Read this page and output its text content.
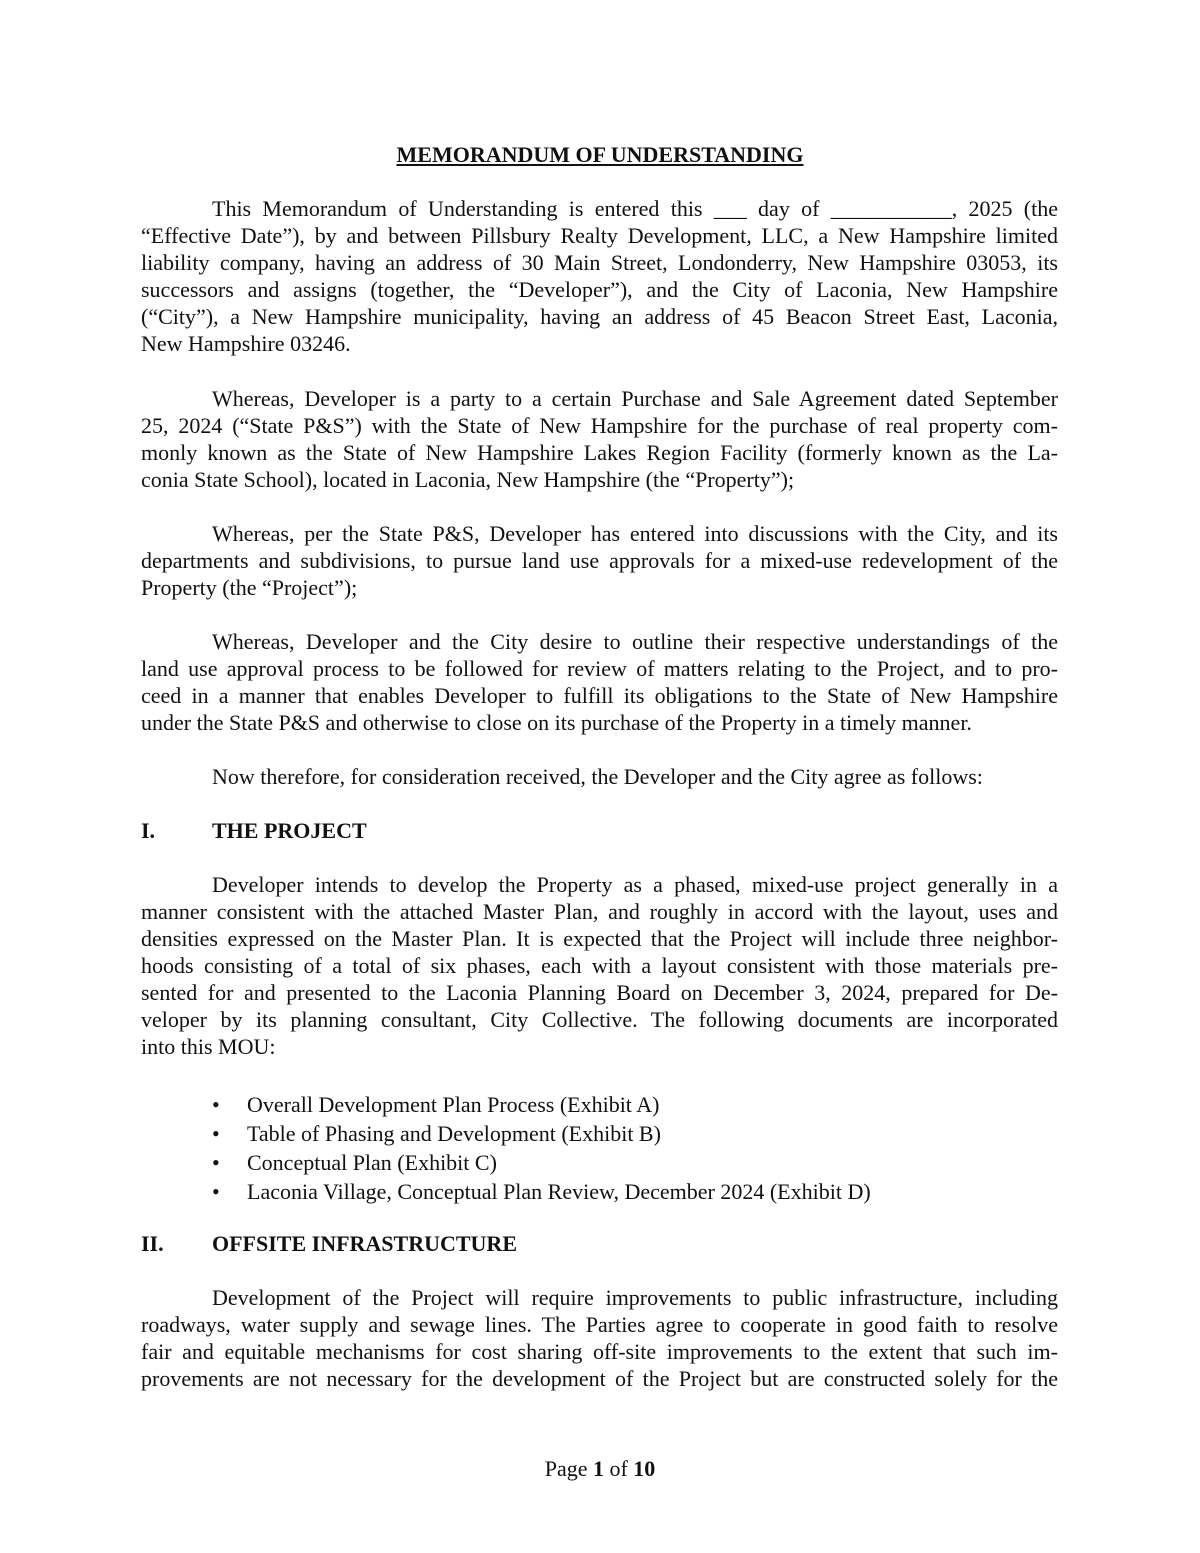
MEMORANDUM OF UNDERSTANDING
This Memorandum of Understanding is entered this ___ day of ___________, 2025 (the
“Effective Date”), by and between Pillsbury Realty Development, LLC, a New Hampshire limited
liability company, having an address of 30 Main Street, Londonderry, New Hampshire 03053, its
successors and assigns (together, the “Developer”), and the City of Laconia, New Hampshire
(“City”), a New Hampshire municipality, having an address of 45 Beacon Street East, Laconia,
New Hampshire 03246.
Whereas, Developer is a party to a certain Purchase and Sale Agreement dated September
25, 2024 (“State P&S”) with the State of New Hampshire for the purchase of real property com-
monly known as the State of New Hampshire Lakes Region Facility (formerly known as the La-
conia State School), located in Laconia, New Hampshire (the “Property”);
Whereas, per the State P&S, Developer has entered into discussions with the City, and its
departments and subdivisions, to pursue land use approvals for a mixed-use redevelopment of the
Property (the “Project”);
Whereas, Developer and the City desire to outline their respective understandings of the
land use approval process to be followed for review of matters relating to the Project, and to pro-
ceed in a manner that enables Developer to fulfill its obligations to the State of New Hampshire
under the State P&S and otherwise to close on its purchase of the Property in a timely manner.
Now therefore, for consideration received, the Developer and the City agree as follows:
I.	THE PROJECT
Developer intends to develop the Property as a phased, mixed-use project generally in a
manner consistent with the attached Master Plan, and roughly in accord with the layout, uses and
densities expressed on the Master Plan. It is expected that the Project will include three neighbor-
hoods consisting of a total of six phases, each with a layout consistent with those materials pre-
sented for and presented to the Laconia Planning Board on December 3, 2024, prepared for De-
veloper by its planning consultant, City Collective. The following documents are incorporated
into this MOU:
• Overall Development Plan Process (Exhibit A)
• Table of Phasing and Development (Exhibit B)
• Conceptual Plan (Exhibit C)
• Laconia Village, Conceptual Plan Review, December 2024 (Exhibit D)
II. OFFSITE INFRASTRUCTURE
Development of the Project will require improvements to public infrastructure, including
roadways, water supply and sewage lines. The Parties agree to cooperate in good faith to resolve
fair and equitable mechanisms for cost sharing off-site improvements to the extent that such im-
provements are not necessary for the development of the Project but are constructed solely for the
Page 1 of 10
